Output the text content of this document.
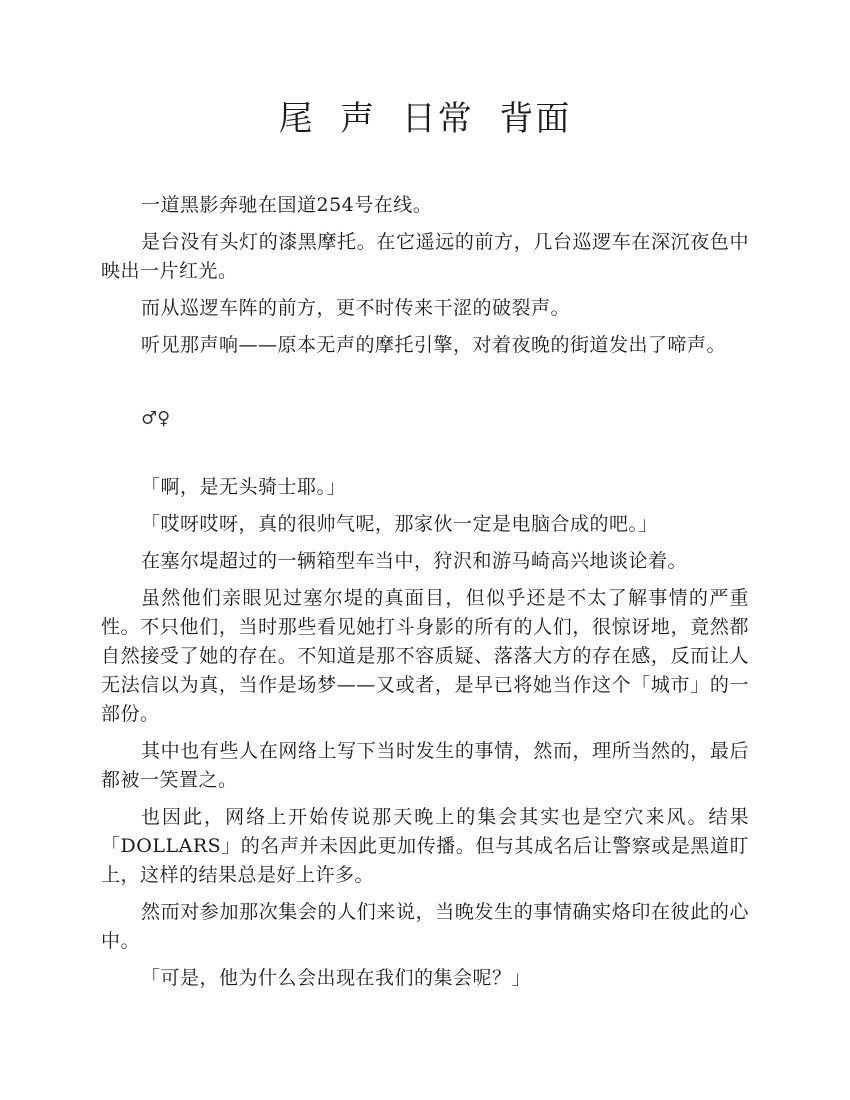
尾  声  日常  背面

一道黑影奔驰在国道254号在线。

是台没有头灯的漆黑摩托。在它遥远的前方，几台巡逻车在深沉夜色中映出一片红光。

而从巡逻车阵的前方，更不时传来干涩的破裂声。

听见那声响——原本无声的摩托引擎，对着夜晚的街道发出了啼声。

♂♀

「啊，是无头骑士耶。」

「哎呀哎呀，真的很帅气呢，那家伙一定是电脑合成的吧。」

在塞尔堤超过的一辆箱型车当中，狩沢和游马崎高兴地谈论着。

虽然他们亲眼见过塞尔堤的真面目，但似乎还是不太了解事情的严重性。不只他们，当时那些看见她打斗身影的所有的人们，很惊讶地，竟然都自然接受了她的存在。不知道是那不容质疑、落落大方的存在感，反而让人无法信以为真，当作是场梦——又或者，是早已将她当作这个「城市」的一部份。

其中也有些人在网络上写下当时发生的事情，然而，理所当然的，最后都被一笑置之。

也因此，网络上开始传说那天晚上的集会其实也是空穴来风。结果「DOLLARS」的名声并未因此更加传播。但与其成名后让警察或是黑道盯上，这样的结果总是好上许多。

然而对参加那次集会的人们来说，当晚发生的事情确实烙印在彼此的心中。

「可是，他为什么会出现在我们的集会呢？」
